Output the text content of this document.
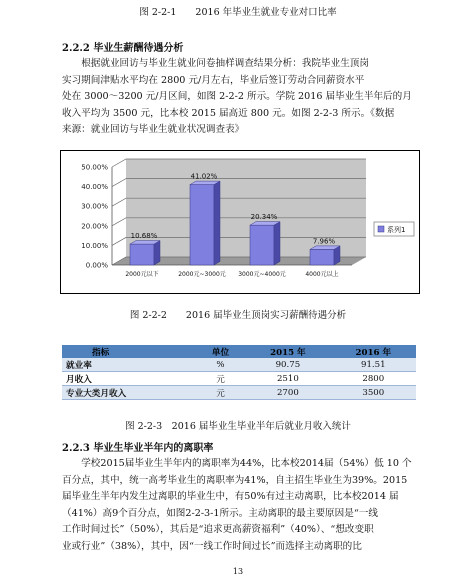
图 2-2-1　　2016 年毕业生就业专业对口比率
2.2.2 毕业生薪酬待遇分析
根据就业回访与毕业生就业问卷抽样调查结果分析：我院毕业生顶岗
实习期间津贴水平均在 2800 元/月左右，毕业后签订劳动合同薪资水平
处在 3000～3200 元/月区间，如图 2-2-2 所示。学院 2016 届毕业生半年后的月
收入平均为 3500 元，比本校 2015 届高近 800 元。如图 2-2-3 所示。《数据
来源：就业回访与毕业生就业状况调查表》
0.00%
10.00%
20.00%
30.00%
40.00%
50.00%
10.68%
41.02%
20.34%
7.96%
2000元以下	2000元~3000元 3000元~4000元	4000元以上
系列1
图 2-2-2　　2016 届毕业生顶岗实习薪酬待遇分析
指标	单位	2015 年	2016 年
就业率	%	90.75	91.51
月收入	元	2510	2800
专业大类月收入	元	2700	3500
图 2-2-3　2016 届毕业生毕业半年后就业月收入统计
2.2.3 毕业生毕业半年内的离职率
学校2015届毕业生半年内的离职率为44%，比本校2014届（54%）低 10 个
百分点，其中，统一高考毕业生的离职率为41%，自主招生毕业生为39%。2015
届毕业生半年内发生过离职的毕业生中，有50%有过主动离职，比本校2014 届
（41%）高9个百分点，如图2-2-3-1所示。主动离职的最主要原因是“一线
工作时间过长”（50%），其后是“追求更高薪资福利”（40%）、“想改变职
业或行业”（38%），其中，因“一线工作时间过长”而选择主动离职的比
13
